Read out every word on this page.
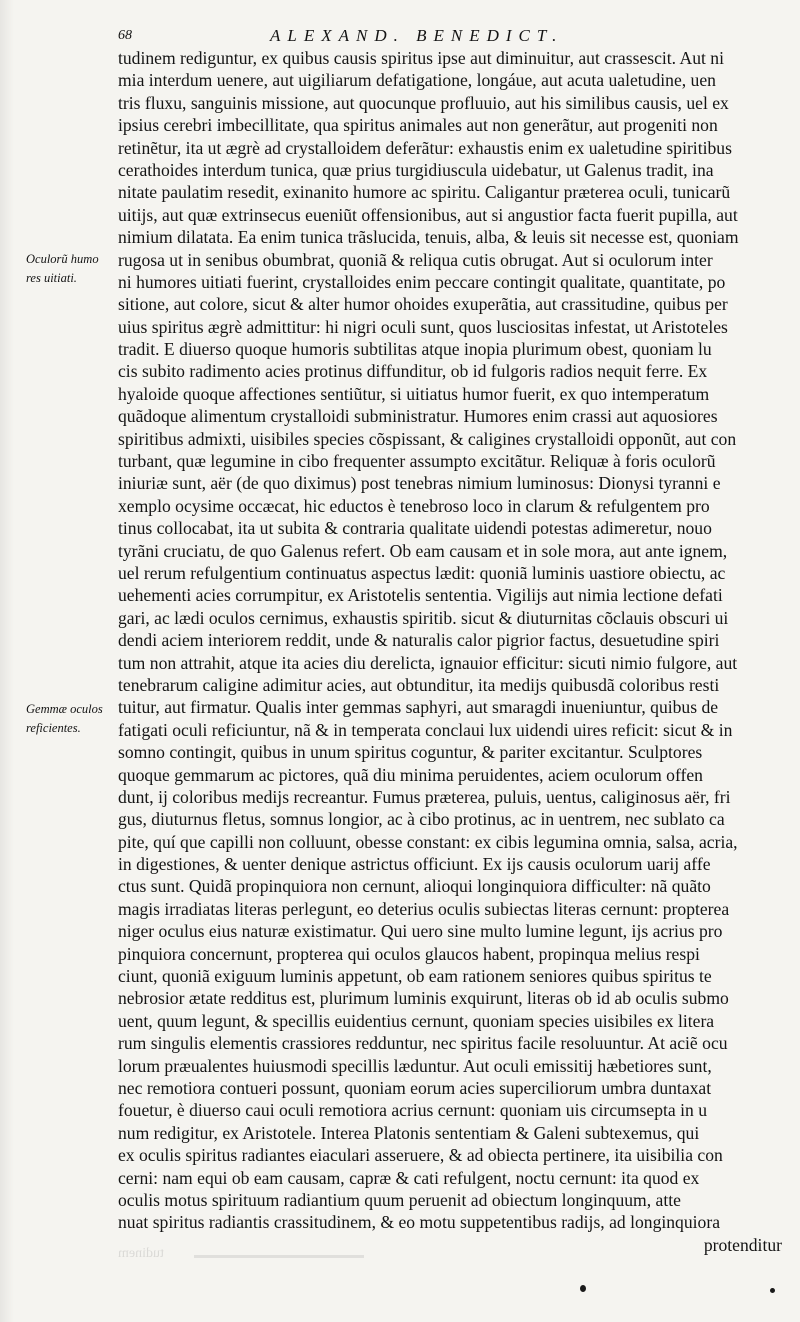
68	ALEXAND. BENEDICT.
Oculorũ humo
res uitiati.
Gemmæ oculos
reficientes.
tudinem rediguntur, ex quibus causis spiritus ipse aut diminuitur, aut crassescit. Aut ni
mia interdum uenere, aut uigiliarum defatigatione, longáue, aut acuta ualetudine, uen
tris fluxu, sanguinis missione, aut quocunque profluuio, aut his similibus causis, uel ex
ipsius cerebri imbecillitate, qua spiritus animales aut non generãtur, aut progeniti non
retinẽtur, ita ut ægrè ad crystalloidem deferãtur: exhaustis enim ex ualetudine spiritibus
cerathoides interdum tunica, quæ prius turgidiuscula uidebatur, ut Galenus tradit, ina
nitate paulatim resedit, exinanito humore ac spiritu. Caligantur præterea oculi, tunicarũ
uitijs, aut quæ extrinsecus eueniũt offensionibus, aut si angustior facta fuerit pupilla, aut
nimium dilatata. Ea enim tunica trãslucida, tenuis, alba, & leuis sit necesse est, quoniam
rugosa ut in senibus obumbrat, quoniã & reliqua cutis obrugat. Aut si oculorum inter
ni humores uitiati fuerint, crystalloides enim peccare contingit qualitate, quantitate, po
sitione, aut colore, sicut & alter humor ohoides exuperãtia, aut crassitudine, quibus per
uius spiritus ægrè admittitur: hi nigri oculi sunt, quos lusciositas infestat, ut Aristoteles
tradit. E diuerso quoque humoris subtilitas atque inopia plurimum obest, quoniam lu
cis subito radimento acies protinus diffunditur, ob id fulgoris radios nequit ferre. Ex
hyaloide quoque affectiones sentiũtur, si uitiatus humor fuerit, ex quo intemperatum
quãdoque alimentum crystalloidi subministratur. Humores enim crassi aut aquosiores
spiritibus admixti, uisibiles species cõspissant, & caligines crystalloidi opponũt, aut con
turbant, quæ legumine in cibo frequenter assumpto excitãtur. Reliquæ à foris oculorũ
iniuriæ sunt, aër (de quo diximus) post tenebras nimium luminosus: Dionysi tyranni e
xemplo ocysime occæcat, hic eductos è tenebroso loco in clarum & refulgentem pro
tinus collocabat, ita ut subita & contraria qualitate uidendi potestas adimeretur, nouo
tyrãni cruciatu, de quo Galenus refert. Ob eam causam et in sole mora, aut ante ignem,
uel rerum refulgentium continuatus aspectus lædit: quoniã luminis uastiore obiectu, ac
uehementi acies corrumpitur, ex Aristotelis sententia. Vigilijs aut nimia lectione defati
gari, ac lædi oculos cernimus, exhaustis spiritib. sicut & diuturnitas cõclauis obscuri ui
dendi aciem interiorem reddit, unde & naturalis calor pigrior factus, desuetudine spiri
tum non attrahit, atque ita acies diu derelicta, ignauior efficitur: sicuti nimio fulgore, aut
tenebrarum caligine adimitur acies, aut obtunditur, ita medijs quibusdã coloribus resti
tuitur, aut firmatur. Qualis inter gemmas saphyri, aut smaragdi inueniuntur, quibus de
fatigati oculi reficiuntur, nã & in temperata conclaui lux uidendi uires reficit: sicut & in
somno contingit, quibus in unum spiritus coguntur, & pariter excitantur. Sculptores
quoque gemmarum ac pictores, quã diu minima peruidentes, aciem oculorum offen
dunt, ij coloribus medijs recreantur. Fumus præterea, puluis, uentus, caliginosus aër, fri
gus, diuturnus fletus, somnus longior, ac à cibo protinus, ac in uentrem, nec sublato ca
pite, quí que capilli non colluunt, obesse constant: ex cibis legumina omnia, salsa, acria,
in digestiones, & uenter denique astrictus officiunt. Ex ijs causis oculorum uarij affe
ctus sunt. Quidã propinquiora non cernunt, alioqui longinquiora difficulter: nã quãto
magis irradiatas literas perlegunt, eo deterius oculis subiectas literas cernunt: propterea
niger oculus eius naturæ existimatur. Qui uero sine multo lumine legunt, ijs acrius pro
pinquiora concernunt, propterea qui oculos glaucos habent, propinqua melius respi
ciunt, quoniã exiguum luminis appetunt, ob eam rationem seniores quibus spiritus te
nebrosior ætate redditus est, plurimum luminis exquirunt, literas ob id ab oculis submo
uent, quum legunt, & specillis euidentius cernunt, quoniam species uisibiles ex litera
rum singulis elementis crassiores redduntur, nec spiritus facile resoluuntur. At aciẽ ocu
lorum præualentes huiusmodi specillis læduntur. Aut oculi emissitij hæbetiores sunt,
nec remotiora contueri possunt, quoniam eorum acies superciliorum umbra duntaxat
fouetur, è diuerso caui oculi remotiora acrius cernunt: quoniam uis circumsepta in u
num redigitur, ex Aristotele. Interea Platonis sententiam & Galeni subtexemus, qui
ex oculis spiritus radiantes eiaculari asseruere, & ad obiecta pertinere, ita uisibilia con
cerni: nam equi ob eam causam, capræ & cati refulgent, noctu cernunt: ita quod ex
oculis motus spirituum radiantium quum peruenit ad obiectum longinquum, atte
nuat spiritus radiantis crassitudinem, & eo motu suppetentibus radijs, ad longinquiora
protenditur
tudinem
